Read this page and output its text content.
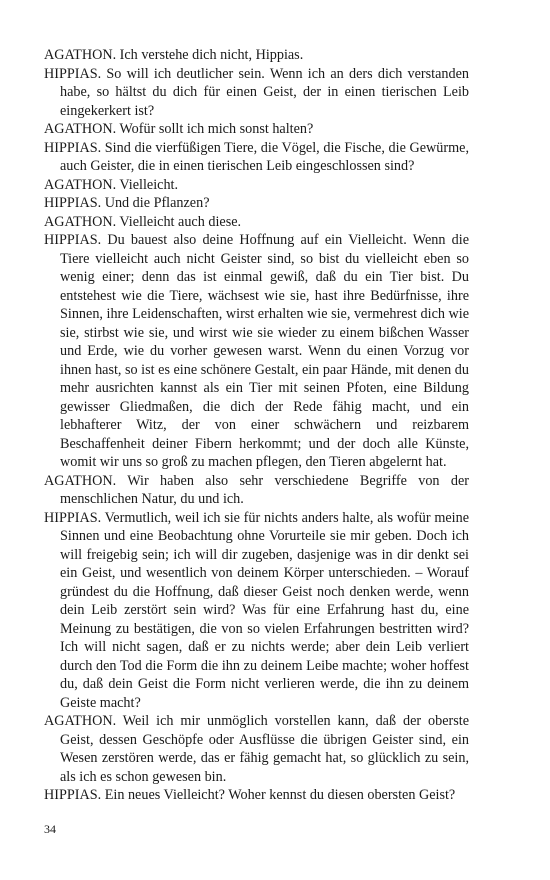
AGATHON. Ich verstehe dich nicht, Hippias.

HIPPIAS. So will ich deutlicher sein. Wenn ich an ders dich verstanden habe, so hältst du dich für einen Geist, der in einen tierischen Leib eingekerkert ist?

AGATHON. Wofür sollt ich mich sonst halten?

HIPPIAS. Sind die vierfüßigen Tiere, die Vögel, die Fische, die Gewürme, auch Geister, die in einen tierischen Leib eingeschlossen sind?

AGATHON. Vielleicht.

HIPPIAS. Und die Pflanzen?

AGATHON. Vielleicht auch diese.

HIPPIAS. Du bauest also deine Hoffnung auf ein Vielleicht. Wenn die Tiere vielleicht auch nicht Geister sind, so bist du vielleicht eben so wenig einer; denn das ist einmal gewiß, daß du ein Tier bist. Du entstehest wie die Tiere, wächsest wie sie, hast ihre Bedürfnisse, ihre Sinnen, ihre Leidenschaften, wirst erhalten wie sie, vermehrest dich wie sie, stirbst wie sie, und wirst wie sie wieder zu einem bißchen Wasser und Erde, wie du vorher gewesen warst. Wenn du einen Vorzug vor ihnen hast, so ist es eine schönere Gestalt, ein paar Hände, mit denen du mehr ausrichten kannst als ein Tier mit seinen Pfoten, eine Bildung gewisser Gliedmaßen, die dich der Rede fähig macht, und ein lebhafterer Witz, der von einer schwächern und reizbarem Beschaffenheit deiner Fibern herkommt; und der doch alle Künste, womit wir uns so groß zu machen pflegen, den Tieren abgelernt hat.

AGATHON. Wir haben also sehr verschiedene Begriffe von der menschlichen Natur, du und ich.

HIPPIAS. Vermutlich, weil ich sie für nichts anders halte, als wofür meine Sinnen und eine Beobachtung ohne Vorurteile sie mir geben. Doch ich will freigebig sein; ich will dir zugeben, dasjenige was in dir denkt sei ein Geist, und wesentlich von deinem Körper unterschieden. – Worauf gründest du die Hoffnung, daß dieser Geist noch denken werde, wenn dein Leib zerstört sein wird? Was für eine Erfahrung hast du, eine Meinung zu bestätigen, die von so vielen Erfahrungen bestritten wird? Ich will nicht sagen, daß er zu nichts werde; aber dein Leib verliert durch den Tod die Form die ihn zu deinem Leibe machte; woher hoffest du, daß dein Geist die Form nicht verlieren werde, die ihn zu deinem Geiste macht?

AGATHON. Weil ich mir unmöglich vorstellen kann, daß der oberste Geist, dessen Geschöpfe oder Ausflüsse die übrigen Geister sind, ein Wesen zerstören werde, das er fähig gemacht hat, so glücklich zu sein, als ich es schon gewesen bin.

HIPPIAS. Ein neues Vielleicht? Woher kennst du diesen obersten Geist?

34
